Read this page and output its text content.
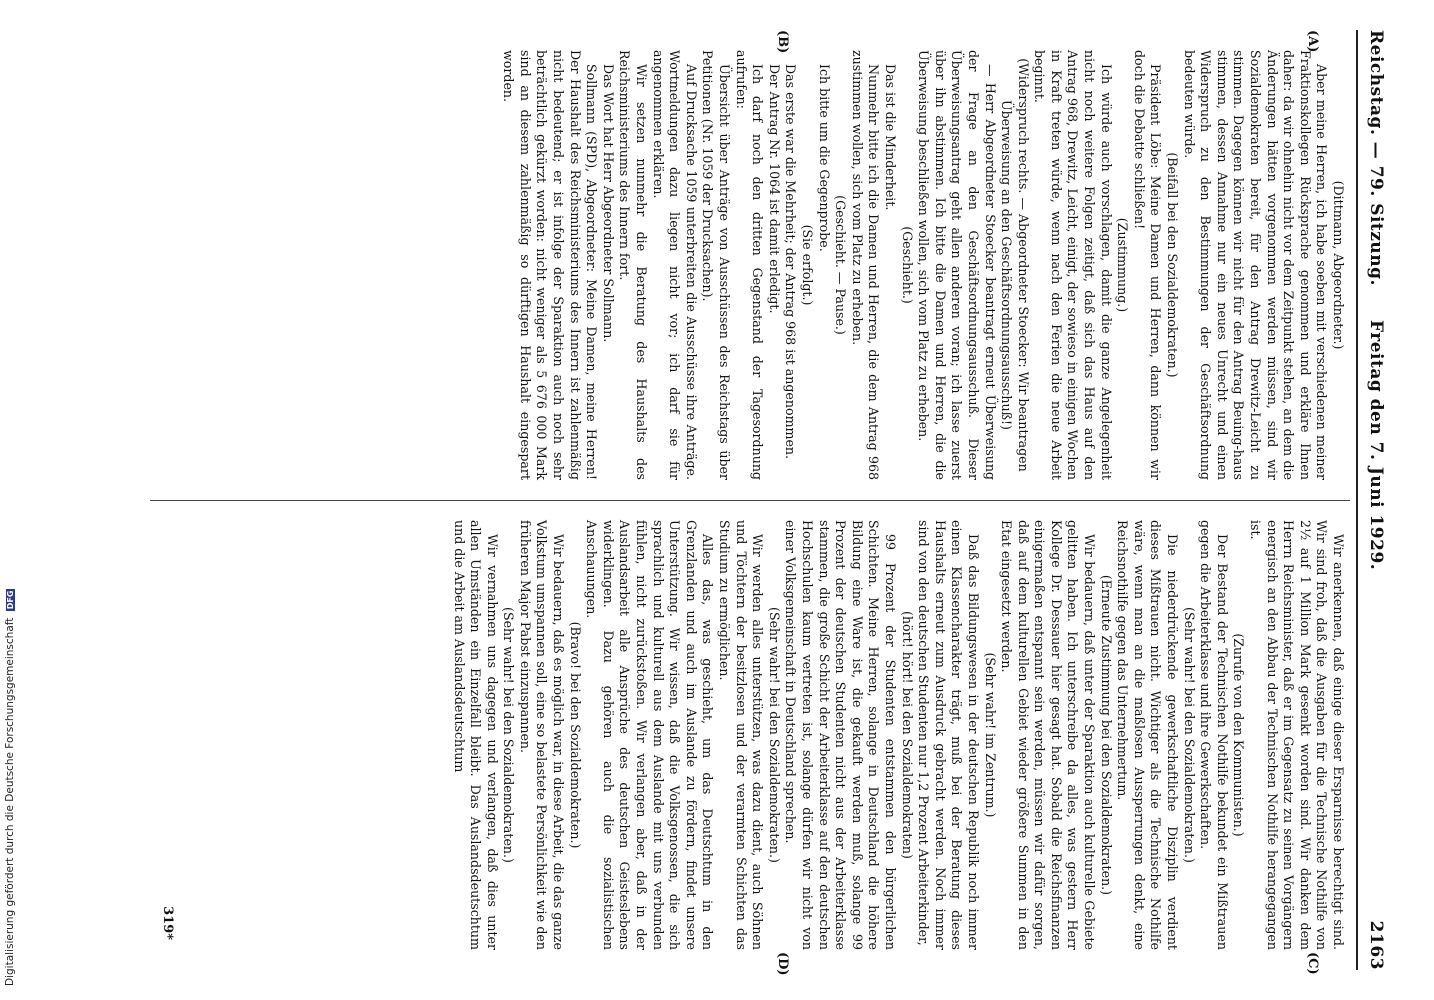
Reichstag. — 79. Sitzung.
Freitag den 7. Juni 1929.
2163
(A)
(B)
(C)
(D)

(Dittmann, Abgeordneter.)

Aber meine Herren, ich habe soeben mit verschiedenen meiner Fraktionskollegen Rücksprache genommen und erkläre Ihnen daher: da wir ohnehin nicht vor dem Zeitpunkt stehen, an dem die Änderungen hätten vorgenommen werden müssen, sind wir Sozialdemokraten bereit, für den Antrag Drewitz-Leicht zu stimmen. Dagegen können wir nicht für den Antrag Beuing-haus stimmen, dessen Annahme nur ein neues Unrecht und einen Widerspruch zu den Bestimmungen der Geschäftsordnung bedeuten würde.

(Beifall bei den Sozialdemokraten.)

Präsident Löbe: Meine Damen und Herren, dann können wir doch die Debatte schließen!

(Zustimmung.)

Ich würde auch vorschlagen, damit die ganze Angelegenheit nicht noch weitere Folgen zeitigt, daß sich das Haus auf den Antrag 968, Drewitz, Leicht, einigt, der sowieso in einigen Wochen in Kraft treten würde, wenn nach den Ferien die neue Arbeit beginnt.

(Widerspruch rechts. — Abgeordneter Stoecker: Wir beantragen Überweisung an den Geschäftsordnungsausschuß!)

— Herr Abgeordneter Stoecker beantragt erneut Überweisung der Frage an den Geschäftsordnungsausschuß. Dieser Überweisungsantrag geht allen anderen voran; ich lasse zuerst über ihn abstimmen. Ich bitte die Damen und Herren, die die Überweisung beschließen wollen, sich vom Platz zu erheben.

(Geschieht.)

Das ist die Minderheit.

Nunmehr bitte ich die Damen und Herren, die dem Antrag 968 zustimmen wollen, sich vom Platz zu erheben.

(Geschieht. — Pause.)

Ich bitte um die Gegenprobe.

(Sie erfolgt.)

Das erste war die Mehrheit; der Antrag 968 ist angenommen.

Der Antrag Nr. 1064 ist damit erledigt.

Ich darf noch den dritten Gegenstand der Tagesordnung aufrufen:

Übersicht über Anträge von Ausschüssen des Reichstags über Petitionen (Nr. 1059 der Drucksachen).

Auf Drucksache 1059 unterbreiten die Ausschüsse ihre Anträge. Wortmeldungen dazu liegen nicht vor; ich darf sie für angenommen erklären.

Wir setzen nunmehr die Beratung des Haushalts des Reichsministeriums des Innern fort.

Das Wort hat Herr Abgeordneter Sollmann.

Sollmann (SPD), Abgeordneter: Meine Damen, meine Herren! Der Haushalt des Reichsministeriums des Innern ist zahlenmäßig nicht bedeutend; er ist infolge der Sparaktion auch noch sehr beträchtlich gekürzt worden: nicht weniger als 5 676 000 Mark sind an diesem zahlenmäßig so dürftigen Haushalt eingespart worden.

Wir anerkennen, daß einige dieser Ersparnisse berechtigt sind. Wir sind froh, daß die Ausgaben für die Technische Nothilfe von 2½ auf 1 Million Mark gesenkt worden sind. Wir danken dem Herrn Reichsminister, daß er im Gegensatz zu seinen Vorgängern energisch an den Abbau der Technischen Nothilfe herangegangen ist.

(Zurufe von den Kommunisten.)

Der Bestand der Technischen Nothilfe bekundet ein Mißtrauen gegen die Arbeiterklasse und ihre Gewerkschaften.

(Sehr wahr! bei den Sozialdemokraten.)

Die niederdrückende gewerkschaftliche Disziplin verdient dieses Mißtrauen nicht. Wichtiger als die Technische Nothilfe wäre, wenn man an die maßlosen Aussperrungen denkt, eine Reichsnothilfe gegen das Unternehmertum.

(Erneute Zustimmung bei den Sozialdemokraten.)

Wir bedauern, daß unter der Sparaktion auch kulturelle Gebiete gelitten haben. Ich unterschreibe da alles, was gestern Herr Kollege Dr. Dessauer hier gesagt hat. Sobald die Reichsfinanzen einigermaßen entspannt sein werden, müssen wir dafür sorgen, daß auf dem kulturellen Gebiet wieder größere Summen in den Etat eingesetzt werden.

(Sehr wahr! im Zentrum.)

Daß das Bildungswesen in der deutschen Republik noch immer einen Klassencharakter trägt, muß bei der Beratung dieses Haushalts erneut zum Ausdruck gebracht werden. Noch immer sind von den deutschen Studenten nur 1,2 Prozent Arbeiterkinder,

(hört! hört! bei den Sozialdemokraten)

99 Prozent der Studenten entstammen den bürgerlichen Schichten. Meine Herren, solange in Deutschland die höhere Bildung eine Ware ist, die gekauft werden muß, solange 99 Prozent der deutschen Studenten nicht aus der Arbeiterklasse stammen, die große Schicht der Arbeiterklasse auf den deutschen Hochschulen kaum vertreten ist, solange dürfen wir nicht von einer Volksgemeinschaft in Deutschland sprechen.

(Sehr wahr! bei den Sozialdemokraten.)

Wir werden alles unterstützen, was dazu dient, auch Söhnen und Töchtern der besitzlosen und der verarmten Schichten das Studium zu ermöglichen.

Alles das, was geschieht, um das Deutschtum in den Grenzlanden und auch im Auslande zu fördern, findet unsere Unterstützung. Wir wissen, daß die Volksgenossen, die sich sprachlich und kulturell aus dem Auslande mit uns verbunden fühlen, nicht zurückstoßen. Wir verlangen aber, daß in der Auslandsarbeit alle Ansprüche des deutschen Geisteslebens widerklingen. Dazu gehören auch die sozialistischen Anschauungen.

(Bravo! bei den Sozialdemokraten.)

Wir bedauern, daß es möglich war, in diese Arbeit, die das ganze Volkstum umspannen soll, eine so belastete Persönlichkeit wie den früheren Major Pabst einzuspannen.

(Sehr wahr! bei den Sozialdemokraten.)

Wir vernahmen uns dagegen und verlangen, daß dies unter allen Umständen ein Einzelfall bleibt. Das Auslandsdeutschtum und die Arbeit am Auslandsdeutschtum

319*
Digitalisierung gefördert durch die Deutsche Forschungsgemeinschaft DFG
